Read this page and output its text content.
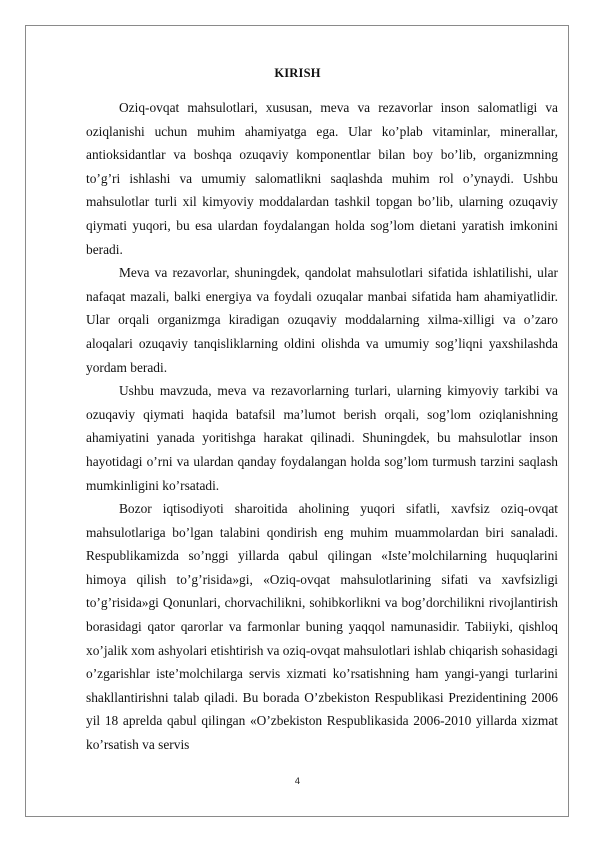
KIRISH

Oziq-ovqat mahsulotlari, xususan, meva va rezavorlar inson salomatligi va oziqlanishi uchun muhim ahamiyatga ega. Ular ko’plab vitaminlar, minerallar, antioksidantlar va boshqa ozuqaviy komponentlar bilan boy bo’lib, organizmning to’g’ri ishlashi va umumiy salomatlikni saqlashda muhim rol o’ynaydi. Ushbu mahsulotlar turli xil kimyoviy moddalardan tashkil topgan bo’lib, ularning ozuqaviy qiymati yuqori, bu esa ulardan foydalangan holda sog’lom dietani yaratish imkonini beradi.

Meva va rezavorlar, shuningdek, qandolat mahsulotlari sifatida ishlatilishi, ular nafaqat mazali, balki energiya va foydali ozuqalar manbai sifatida ham ahamiyatlidir. Ular orqali organizmga kiradigan ozuqaviy moddalarning xilma-xilligi va o’zaro aloqalari ozuqaviy tanqisliklarning oldini olishda va umumiy sog’liqni yaxshilashda yordam beradi.

Ushbu mavzuda, meva va rezavorlarning turlari, ularning kimyoviy tarkibi va ozuqaviy qiymati haqida batafsil ma’lumot berish orqali, sog’lom oziqlanishning ahamiyatini yanada yoritishga harakat qilinadi. Shuningdek, bu mahsulotlar inson hayotidagi o’rni va ulardan qanday foydalangan holda sog’lom turmush tarzini saqlash mumkinligini ko’rsatadi.

Bozor iqtisodiyoti sharoitida aholining yuqori sifatli, xavfsiz oziq-ovqat mahsulotlariga bo’lgan talabini qondirish eng muhim muammolardan biri sanaladi. Respublikamizda so’nggi yillarda qabul qilingan «Iste’molchilarning huquqlarini himoya qilish to’g’risida»gi, «Oziq-ovqat mahsulotlarining sifati va xavfsizligi to’g’risida»gi Qonunlari, chorvachilikni, sohibkorlikni va bog’dorchilikni rivojlantirish borasidagi qator qarorlar va farmonlar buning yaqqol namunasidir. Tabiiyki, qishloq xo’jalik xom ashyolari etishtirish va oziq-ovqat mahsulotlari ishlab chiqarish sohasidagi o’zgarishlar iste’molchilarga servis xizmati ko’rsatishning ham yangi-yangi turlarini shakllantirishni talab qiladi. Bu borada O’zbekiston Respublikasi Prezidentining 2006 yil 18 aprelda qabul qilingan «O’zbekiston Respublikasida 2006-2010 yillarda xizmat ko’rsatish va servis

4
